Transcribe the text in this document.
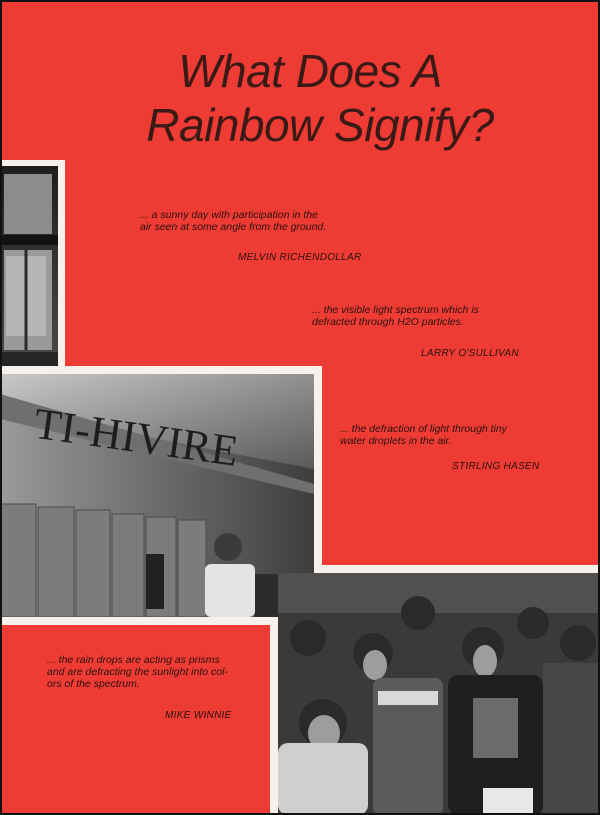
What Does A
Rainbow Signify?
TI-HIVIRE

... a sunny day with participation in the
air seen at some angle from the ground.

MELVIN RICHENDOLLAR

... the visible light spectrum which is
defracted through H2O particles.

LARRY O'SULLIVAN

... the defraction of light through tiny
water droplets in the air.

STIRLING HASEN

... the rain drops are acting as prisms
and are defracting the sunlight into col-
ors of the spectrum.

MIKE WINNIE
